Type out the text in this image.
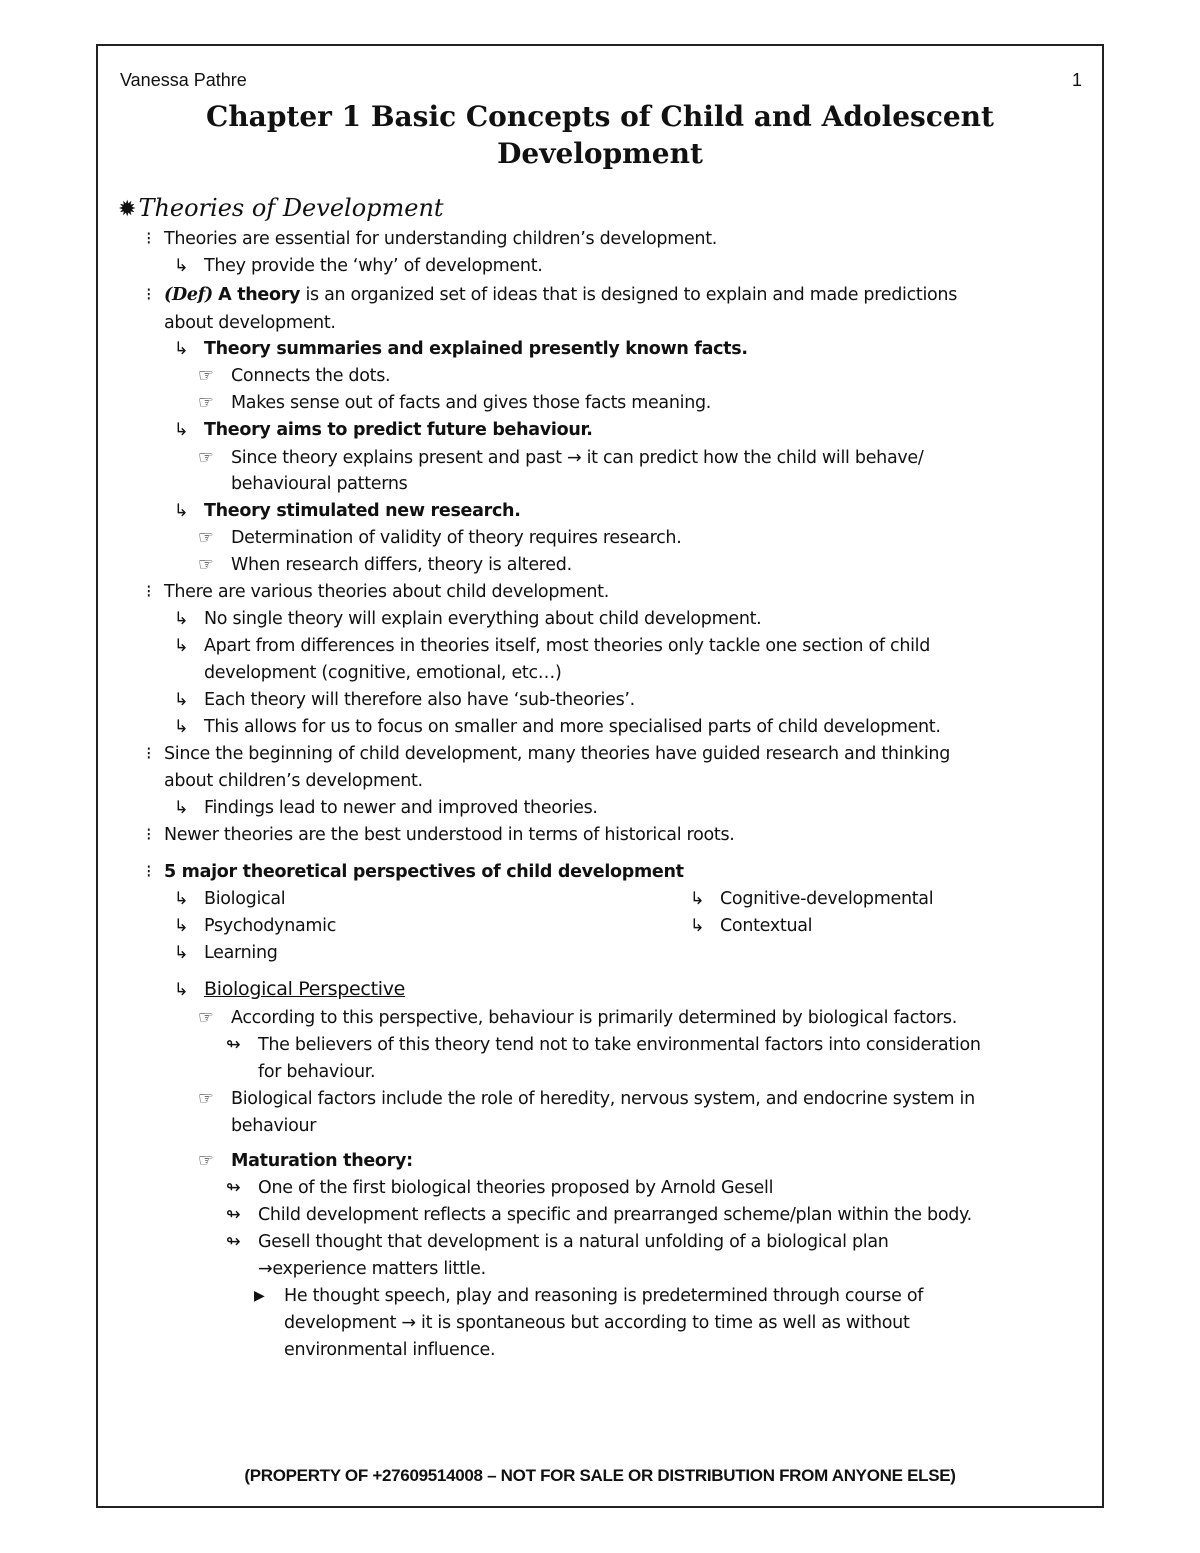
Vanessa Pathre	1
Chapter 1 Basic Concepts of Child and Adolescent
Development
✹Theories of Development
⁝ Theories are essential for understanding children’s development.
↳ They provide the ‘why’ of development.
⁝ (Def) A theory is an organized set of ideas that is designed to explain and made predictions
about development.
↳ Theory summaries and explained presently known facts.
☞ Connects the dots.
☞ Makes sense out of facts and gives those facts meaning.
↳ Theory aims to predict future behaviour.
☞ Since theory explains present and past → it can predict how the child will behave/
behavioural patterns
↳ Theory stimulated new research.
☞ Determination of validity of theory requires research.
☞ When research differs, theory is altered.
⁝ There are various theories about child development.
↳ No single theory will explain everything about child development.
↳ Apart from differences in theories itself, most theories only tackle one section of child
development (cognitive, emotional, etc…)
↳ Each theory will therefore also have ‘sub-theories’.
↳ This allows for us to focus on smaller and more specialised parts of child development.
⁝ Since the beginning of child development, many theories have guided research and thinking
about children’s development.
↳ Findings lead to newer and improved theories.
⁝ Newer theories are the best understood in terms of historical roots.
⁝ 5 major theoretical perspectives of child development
↳ Biological	↳ Cognitive-developmental
↳ Psychodynamic	↳ Contextual
↳ Learning
↳ Biological Perspective
☞ According to this perspective, behaviour is primarily determined by biological factors.
↬ The believers of this theory tend not to take environmental factors into consideration
for behaviour.
☞ Biological factors include the role of heredity, nervous system, and endocrine system in
behaviour
☞ Maturation theory:
↬ One of the first biological theories proposed by Arnold Gesell
↬ Child development reflects a specific and prearranged scheme/plan within the body.
↬ Gesell thought that development is a natural unfolding of a biological plan
→experience matters little.
▶ He thought speech, play and reasoning is predetermined through course of
development → it is spontaneous but according to time as well as without
environmental influence.
(PROPERTY OF +27609514008 – NOT FOR SALE OR DISTRIBUTION FROM ANYONE ELSE)
